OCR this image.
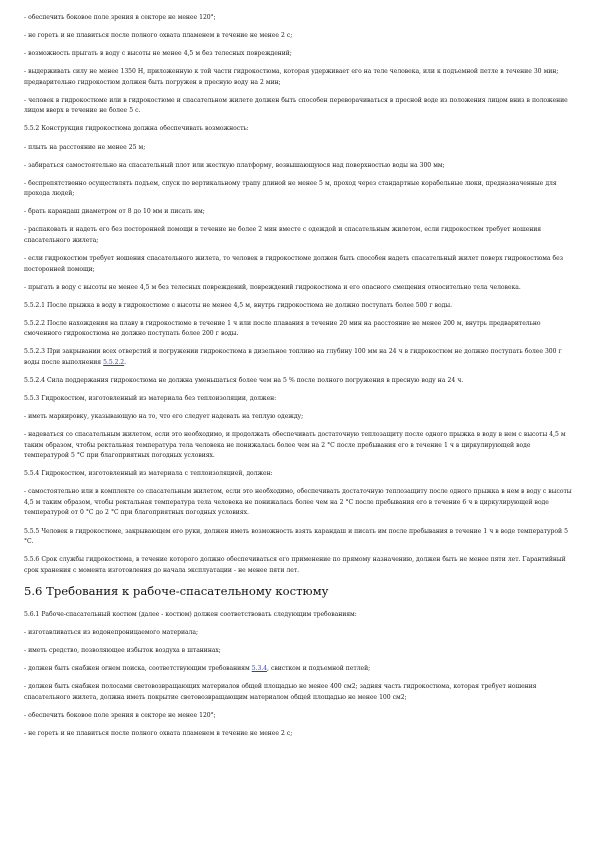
- обеспечить боковое поле зрения в секторе не менее 120°;

- не гореть и не плавиться после полного охвата пламенем в течение не менее 2 с;

- возможность прыгать в воду с высоты не менее 4,5 м без телесных повреждений;

- выдерживать силу не менее 1350 Н, приложенную к той части гидрокостюма, которая удерживает его на теле человека, или к подъемной петле в течение 30 мин; предварительно гидрокостюм должен быть погружен в пресную воду на 2 мин;

- человек в гидрокостюме или в гидрокостюме и спасательном жилете должен быть способен переворачиваться в пресной воде из положения лицом вниз в положение лицом вверх в течение не более 5 с.

5.5.2 Конструкция гидрокостюма должна обеспечивать возможность:

- плыть на расстояние не менее 25 м;

- забираться самостоятельно на спасательный плот или жесткую платформу, возвышающуюся над поверхностью воды на 300 мм;

- беспрепятственно осуществлять подъем, спуск по вертикальному трапу длиной не менее 5 м, проход через стандартные корабельные люки, предназначенные для прохода людей;

- брать карандаш диаметром от 8 до 10 мм и писать им;

- распаковать и надеть его без посторонней помощи в течение не более 2 мин вместе с одеждой и спасательным жилетом, если гидрокостюм требует ношения спасательного жилета;

- если гидрокостюм требует ношения спасательного жилета, то человек в гидрокостюме должен быть способен надеть спасательный жилет поверх гидрокостюма без посторонней помощи;

- прыгать в воду с высоты не менее 4,5 м без телесных повреждений, повреждений гидрокостюма и его опасного смещения относительно тела человека.

5.5.2.1 После прыжка в воду в гидрокостюме с высоты не менее 4,5 м, внутрь гидрокостюма не должно поступать более 500 г воды.

5.5.2.2 После нахождения на плаву в гидрокостюме в течение 1 ч или после плавания в течение 20 мин на расстояние не менее 200 м, внутрь предварительно смоченного гидрокостюма не должно поступать более 200 г воды.

5.5.2.3 При закрывании всех отверстий и погружении гидрокостюма в дизельное топливо на глубину 100 мм на 24 ч в гидрокостюм не должно поступать более 300 г воды после выполнения 5.5.2.2.

5.5.2.4 Сила поддержания гидрокостюма не должна уменьшаться более чем на 5 % после полного погружения в пресную воду на 24 ч.

5.5.3 Гидрокостюм, изготовленный из материала без теплоизоляции, должен:

- иметь маркировку, указывающую на то, что его следует надевать на теплую одежду;

- надеваться со спасательным жилетом, если это необходимо, и продолжать обеспечивать достаточную теплозащиту после одного прыжка в воду в нем с высоты 4,5 м таким образом, чтобы ректальная температура тела человека не понижалась более чем на 2 °С после пребывания его в течение 1 ч в циркулирующей воде температурой 5 °С при благоприятных погодных условиях.

5.5.4 Гидрокостюм, изготовленный из материала с теплоизоляцией, должен:

- самостоятельно или в комплекте со спасательным жилетом, если это необходимо, обеспечивать достаточную теплозащиту после одного прыжка в нем в воду с высоты 4,5 м таким образом, чтобы ректальная температура тела человека не понижалась более чем на 2 °С после пребывания его в течение 6 ч в циркулирующей воде температурой от 0 °С до 2 °С при благоприятных погодных условиях.

5.5.5 Человек в гидрокостюме, закрывающем его руки, должен иметь возможность взять карандаш и писать им после пребывания в течение 1 ч в воде температурой 5 °С.

5.5.6 Срок службы гидрокостюма, в течение которого должно обеспечиваться его применение по прямому назначению, должен быть не менее пяти лет. Гарантийный срок хранения с момента изготовления до начала эксплуатации - не менее пяти лет.

5.6 Требования к рабоче-спасательному костюму

5.6.1 Рабоче-спасательный костюм (далее - костюм) должен соответствовать следующим требованиям:

- изготавливаться из водонепроницаемого материала;

- иметь средство, позволяющее избыток воздуха в штанинах;

- должен быть снабжен огнем поиска, соответствующим требованиям 5.3.4, свистком и подъемной петлей;

- должен быть снабжен полосами световозвращающих материалов общей площадью не менее 400 см2; задняя часть гидрокостюма, которая требует ношения спасательного жилета, должна иметь покрытие световозвращающим материалом общей площадью не менее 100 см2;

- обеспечить боковое поле зрения в секторе не менее 120°;

- не гореть и не плавиться после полного охвата пламенем в течение не менее 2 с;
